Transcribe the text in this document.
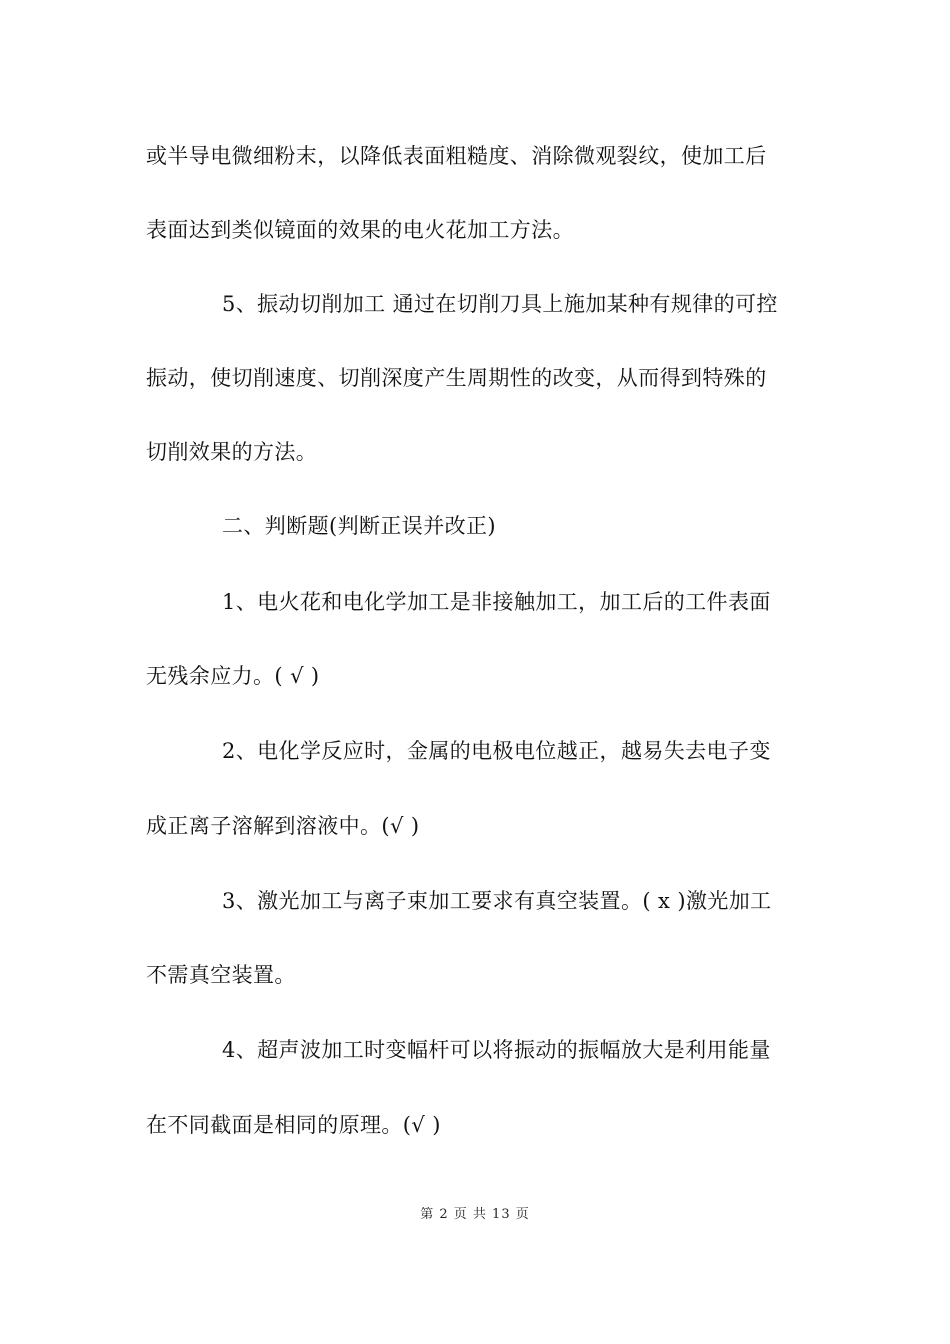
或半导电微细粉末，以降低表面粗糙度、消除微观裂纹，使加工后
表面达到类似镜面的效果的电火花加工方法。
5、振动切削加工 通过在切削刀具上施加某种有规律的可控
振动，使切削速度、切削深度产生周期性的改变，从而得到特殊的
切削效果的方法。
二、判断题(判断正误并改正)
1、电火花和电化学加工是非接触加工，加工后的工件表面
无残余应力。( √ )
2、电化学反应时，金属的电极电位越正，越易失去电子变
成正离子溶解到溶液中。(√ )
3、激光加工与离子束加工要求有真空装置。( x )激光加工
不需真空装置。
4、超声波加工时变幅杆可以将振动的振幅放大是利用能量
在不同截面是相同的原理。(√ )
第 2 页 共 13 页
